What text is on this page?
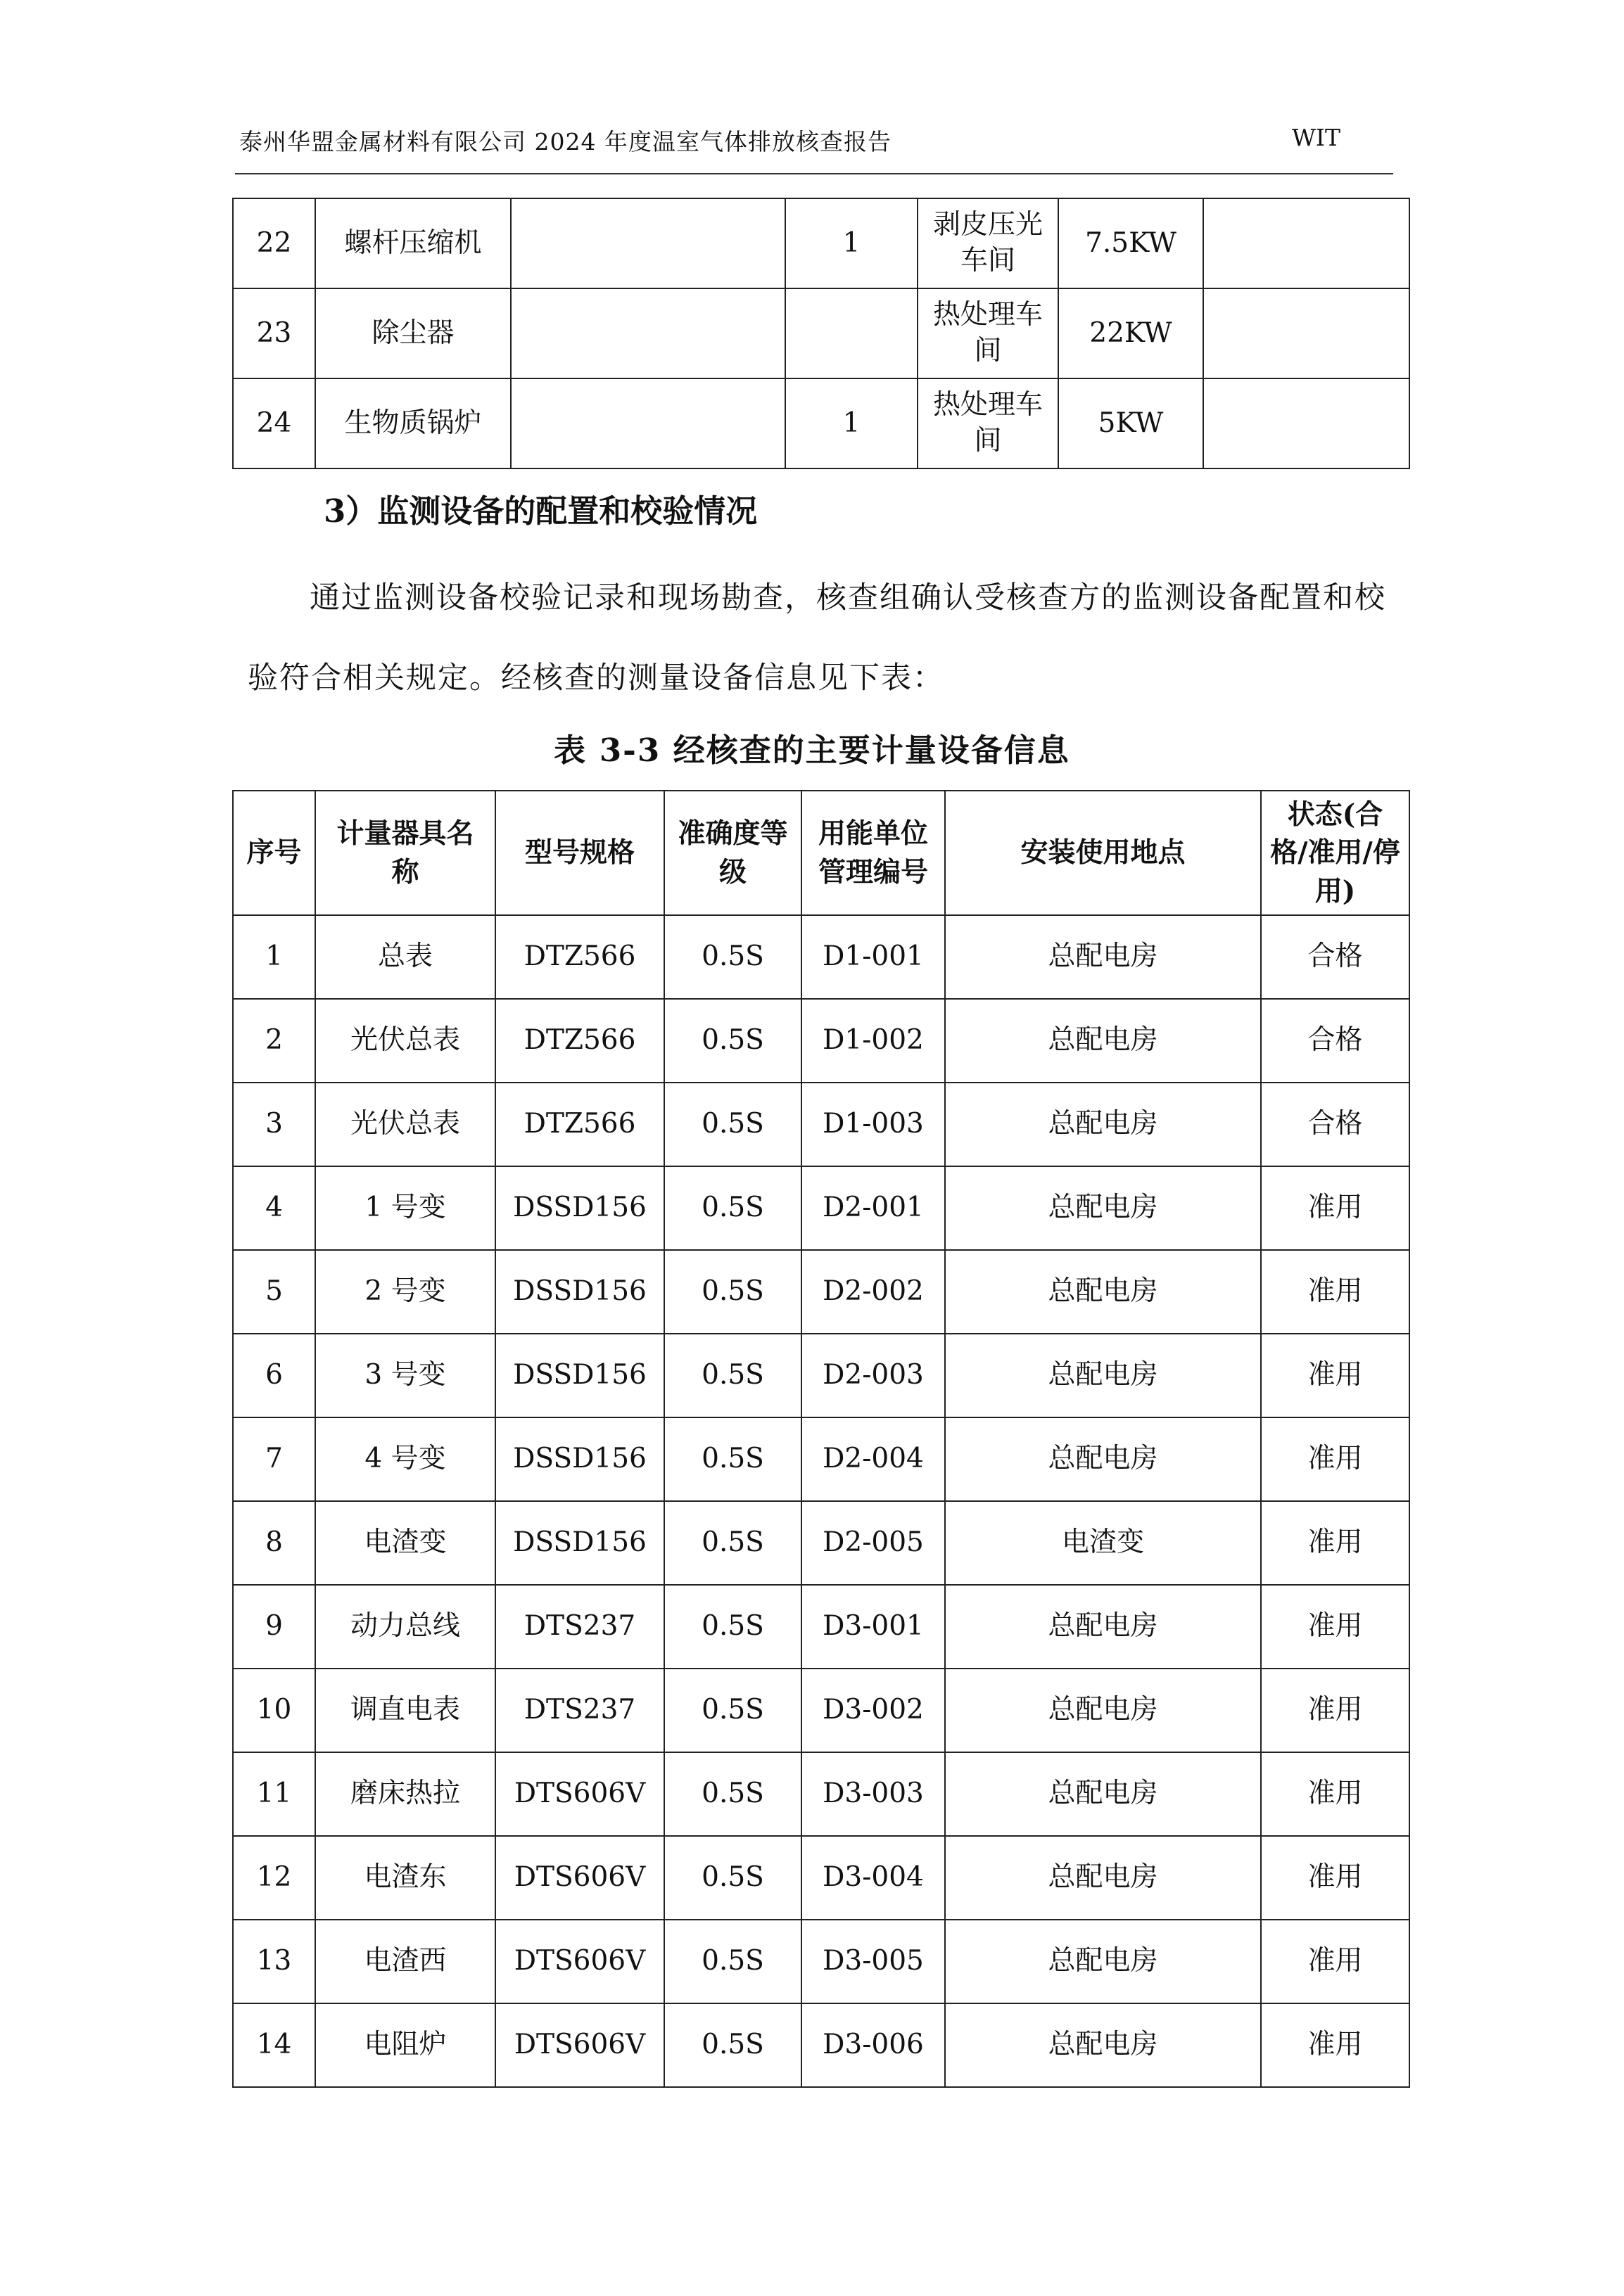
泰州华盟金属材料有限公司 2024 年度温室气体排放核查报告	WIT
22	螺杆压缩机		1	剥皮压光车间	7.5KW	
23	除尘器			热处理车间	22KW	
24	生物质锅炉		1	热处理车间	5KW	
3）监测设备的配置和校验情况
通过监测设备校验记录和现场勘查，核查组确认受核查方的监测设备配置和校验符合相关规定。经核查的测量设备信息见下表：
表 3-3 经核查的主要计量设备信息
序号	计量器具名称	型号规格	准确度等 级	用能单位管理编号	安装使用地点	状态(合格/准用/停用)
1	总表	DTZ566	0.5S	D1-001	总配电房	合格
2	光伏总表	DTZ566	0.5S	D1-002	总配电房	合格
3	光伏总表	DTZ566	0.5S	D1-003	总配电房	合格
4	1 号变	DSSD156	0.5S	D2-001	总配电房	准用
5	2 号变	DSSD156	0.5S	D2-002	总配电房	准用
6	3 号变	DSSD156	0.5S	D2-003	总配电房	准用
7	4 号变	DSSD156	0.5S	D2-004	总配电房	准用
8	电渣变	DSSD156	0.5S	D2-005	电渣变	准用
9	动力总线	DTS237	0.5S	D3-001	总配电房	准用
10	调直电表	DTS237	0.5S	D3-002	总配电房	准用
11	磨床热拉	DTS606V	0.5S	D3-003	总配电房	准用
12	电渣东	DTS606V	0.5S	D3-004	总配电房	准用
13	电渣西	DTS606V	0.5S	D3-005	总配电房	准用
14	电阻炉	DTS606V	0.5S	D3-006	总配电房	准用
